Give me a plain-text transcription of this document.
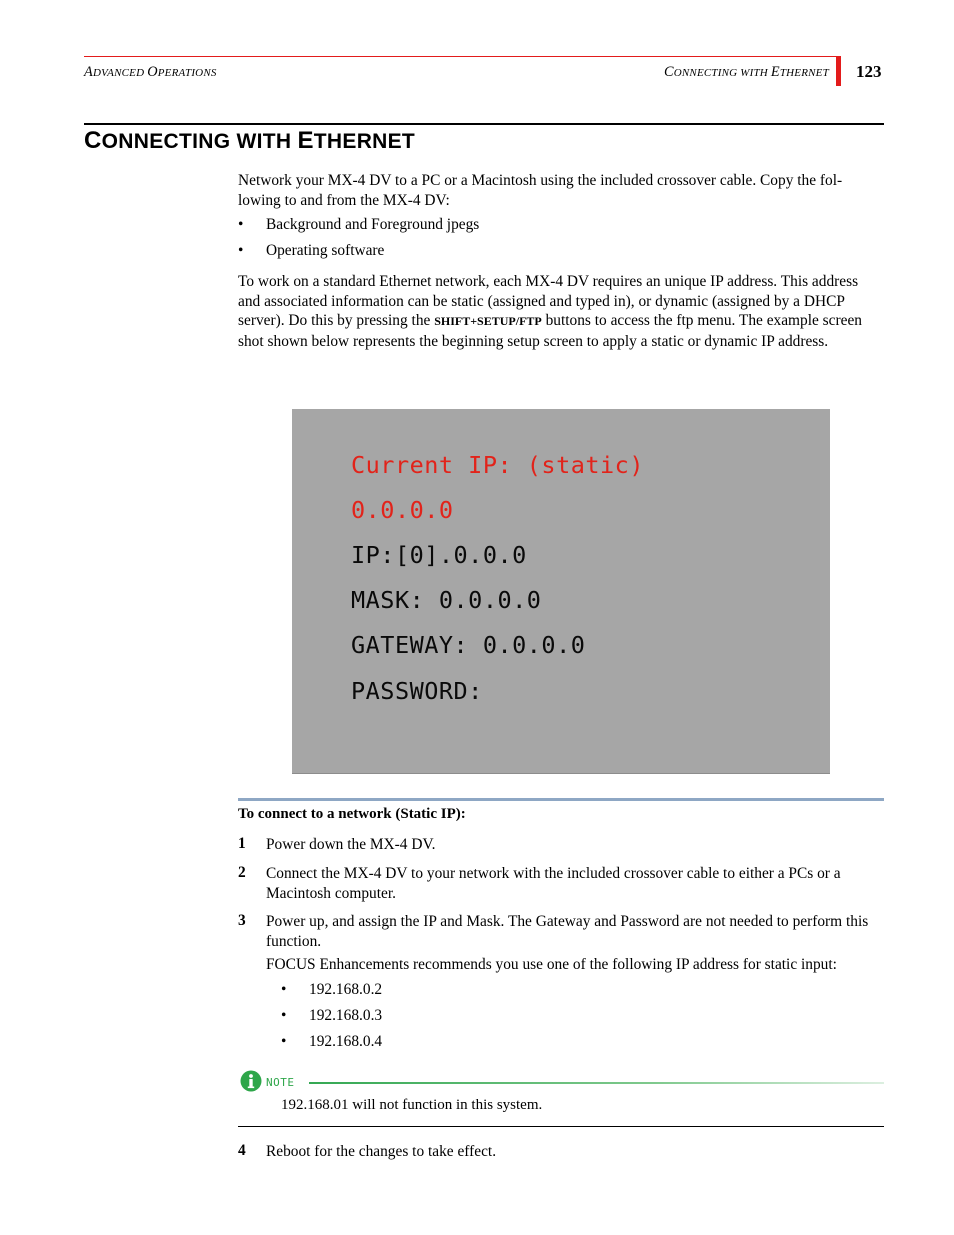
ADVANCED OPERATIONS	CONNECTING WITH ETHERNET 123
CONNECTING WITH ETHERNET
Network your MX-4 DV to a PC or a Macintosh using the included crossover cable. Copy the fol-lowing to and from the MX-4 DV:
• Background and Foreground jpegs
• Operating software
To work on a standard Ethernet network, each MX-4 DV requires an unique IP address. This address and associated information can be static (assigned and typed in), or dynamic (assigned by a DHCP server). Do this by pressing the SHIFT+SETUP/FTP buttons to access the ftp menu. The example screen shot shown below represents the beginning setup screen to apply a static or dynamic IP address.
Current IP: (static)
0.0.0.0
IP:[0].0.0.0
MASK: 0.0.0.0
GATEWAY: 0.0.0.0
PASSWORD:
To connect to a network (Static IP):
1 Power down the MX-4 DV.
2 Connect the MX-4 DV to your network with the included crossover cable to either a PCs or a Macintosh computer.
3 Power up, and assign the IP and Mask. The Gateway and Password are not needed to perform this function.
FOCUS Enhancements recommends you use one of the following IP address for static input:
• 192.168.0.2
• 192.168.0.3
• 192.168.0.4
NOTE
192.168.01 will not function in this system.
4 Reboot for the changes to take effect.
